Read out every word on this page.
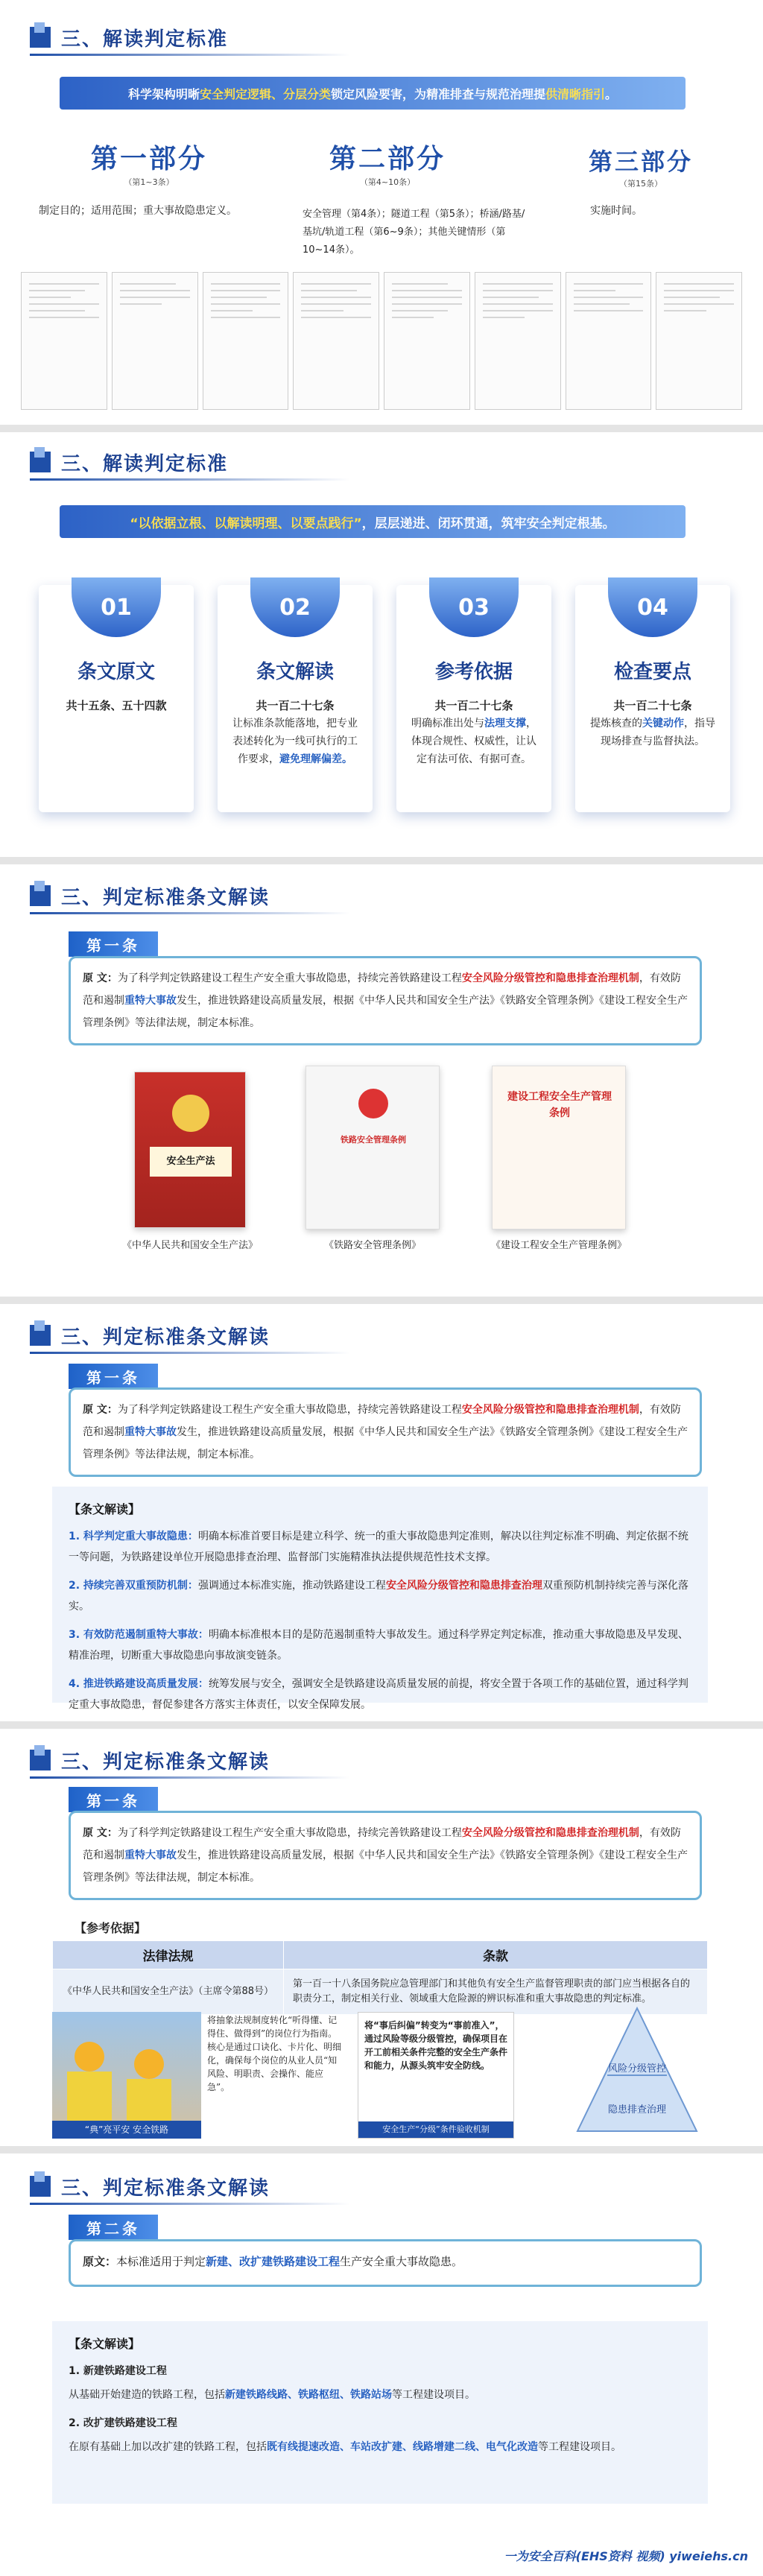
三、解读判定标准
科学架构明晰 安全判定逻辑、分层分类 锁定风险要害，为精准排查与规范治理提 供清晰指引 。
第一部分
（第1~3条）
制定目的；适用范围；重大事故隐患定义。
第二部分
（第4~10条）
安全管理（第4条）；隧道工程（第5条）；桥涵/路基/基坑/轨道工程（第6~9条）；其他关键情形（第10~14条）。
第三部分
（第15条）
实施时间。
三、解读判定标准
“以依据立根、以解读明理、以要点践行” ，层层递进、闭环贯通，筑牢安全判定根基。
01
条文原文
共十五条、五十四款
02
条文解读
共一百二十七条
让标准条款能落地，把专业表述转化为一线可执行的工作要求，避免理解偏差。
03
参考依据
共一百二十七条
明确标准出处与法理支撑，体现合规性、权威性，让认定有法可依、有据可查。
04
检查要点
共一百二十七条
提炼核查的关键动作，指导现场排查与监督执法。
三、判定标准条文解读
第一条
原 文：为了科学判定铁路建设工程生产安全重大事故隐患，持续完善铁路建设工程安全风险分级管控和隐患排查治理机制，有效防范和遏制重特大事故发生，推进铁路建设高质量发展，根据《中华人民共和国安全生产法》《铁路安全管理条例》《建设工程安全生产管理条例》等法律法规，制定本标准。
安全生产法
《中华人民共和国安全生产法》
铁路安全管理条例
《铁路安全管理条例》
建设工程安全生产管理条例
《建设工程安全生产管理条例》
三、判定标准条文解读
第一条
原 文：为了科学判定铁路建设工程生产安全重大事故隐患，持续完善铁路建设工程安全风险分级管控和隐患排查治理机制，有效防范和遏制重特大事故发生，推进铁路建设高质量发展，根据《中华人民共和国安全生产法》《铁路安全管理条例》《建设工程安全生产管理条例》等法律法规，制定本标准。
【条文解读】

1. 科学判定重大事故隐患：明确本标准首要目标是建立科学、统一的重大事故隐患判定准则，解决以往判定标准不明确、判定依据不统一等问题，为铁路建设单位开展隐患排查治理、监督部门实施精准执法提供规范性技术支撑。

2. 持续完善双重预防机制：强调通过本标准实施，推动铁路建设工程安全风险分级管控和隐患排查治理双重预防机制持续完善与深化落实。

3. 有效防范遏制重特大事故：明确本标准根本目的是防范遏制重特大事故发生。通过科学界定判定标准，推动重大事故隐患及早发现、精准治理，切断重大事故隐患向事故演变链条。

4. 推进铁路建设高质量发展：统筹发展与安全，强调安全是铁路建设高质量发展的前提，将安全置于各项工作的基础位置，通过科学判定重大事故隐患，督促参建各方落实主体责任，以安全保障发展。

三、判定标准条文解读
第一条
原 文：为了科学判定铁路建设工程生产安全重大事故隐患，持续完善铁路建设工程安全风险分级管控和隐患排查治理机制，有效防范和遏制重特大事故发生，推进铁路建设高质量发展，根据《中华人民共和国安全生产法》《铁路安全管理条例》《建设工程安全生产管理条例》等法律法规，制定本标准。
【参考依据】
法律法规	条款
《中华人民共和国安全生产法》（主席令第88号）	第一百一十八条国务院应急管理部门和其他负有安全生产监督管理职责的部门应当根据各自的职责分工，制定相关行业、领域重大危险源的辨识标准和重大事故隐患的判定标准。
“典”亮平安 安全铁路
将抽象法规制度转化“听得懂、记得住、做得到”的岗位行为指南。核心是通过口诀化、卡片化、明细化，确保每个岗位的从业人员“知风险、明职责、会操作、能应急”。
将“事后纠偏”转变为“事前准入”，通过风险等级分级管控，确保项目在开工前相关条件完整的安全生产条件和能力，从源头筑牢安全防线。
安全生产“分级”条件验收机制
风险分级管控
隐患排查治理
三、判定标准条文解读
第二条
原文：本标准适用于判定新建、改扩建铁路建设工程生产安全重大事故隐患。
【条文解读】

1. 新建铁路建设工程

从基础开始建造的铁路工程，包括新建铁路线路、铁路枢纽、铁路站场等工程建设项目。

2. 改扩建铁路建设工程

在原有基础上加以改扩建的铁路工程，包括既有线提速改造、车站改扩建、线路增建二线、电气化改造等工程建设项目。

一为安全百科(EHS资料 视频) yiweiehs.cn
